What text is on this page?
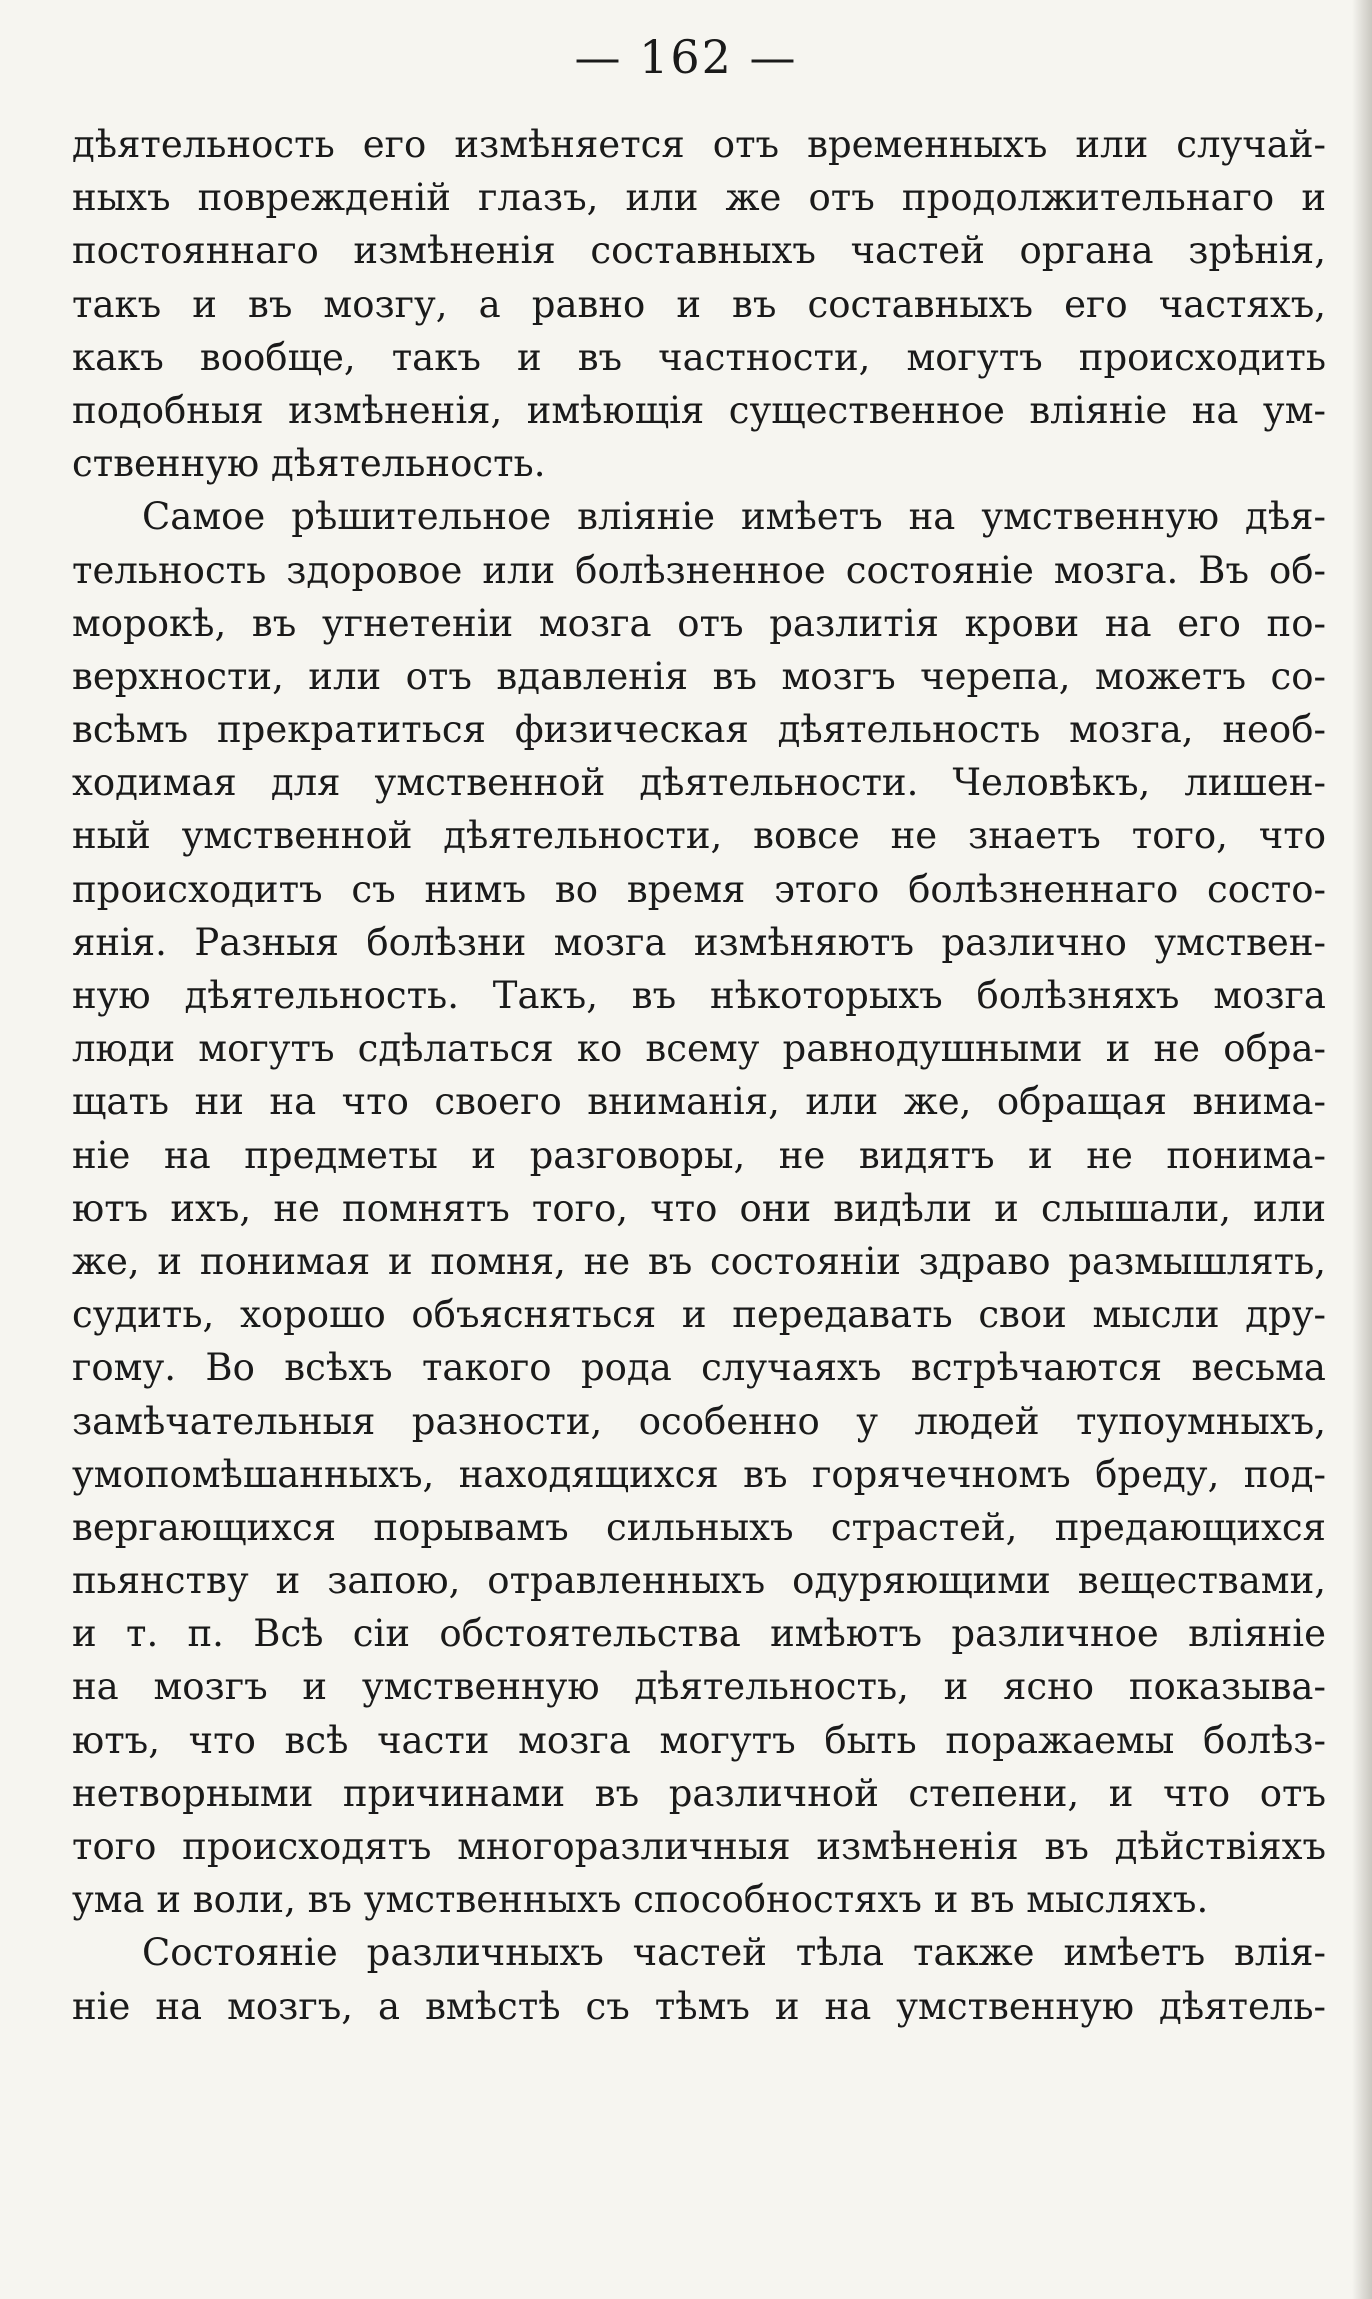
— 162 —
дѣятельность его измѣняется отъ временныхъ или случай-
ныхъ поврежденій глазъ, или же отъ продолжительнаго и
постояннаго измѣненія составныхъ частей органа зрѣнія,
такъ и въ мозгу, а равно и въ составныхъ его частяхъ,
какъ вообще, такъ и въ частности, могутъ происходить
подобныя измѣненія, имѣющія существенное вліяніе на ум-
ственную дѣятельность.
Самое рѣшительное вліяніе имѣетъ на умственную дѣя-
тельность здоровое или болѣзненное состояніе мозга. Въ об-
морокѣ, въ угнетеніи мозга отъ разлитія крови на его по-
верхности, или отъ вдавленія въ мозгъ черепа, можетъ со-
всѣмъ прекратиться физическая дѣятельность мозга, необ-
ходимая для умственной дѣятельности. Человѣкъ, лишен-
ный умственной дѣятельности, вовсе не знаетъ того, что
происходитъ съ нимъ во время этого болѣзненнаго состо-
янія. Разныя болѣзни мозга измѣняютъ различно умствен-
ную дѣятельность. Такъ, въ нѣкоторыхъ болѣзняхъ мозга
люди могутъ сдѣлаться ко всему равнодушными и не обра-
щать ни на что своего вниманія, или же, обращая внима-
ніе на предметы и разговоры, не видятъ и не понима-
ютъ ихъ, не помнятъ того, что они видѣли и слышали, или
же, и понимая и помня, не въ состояніи здраво размышлять,
судить, хорошо объясняться и передавать свои мысли дру-
гому. Во всѣхъ такого рода случаяхъ встрѣчаются весьма
замѣчательныя разности, особенно у людей тупоумныхъ,
умопомѣшанныхъ, находящихся въ горячечномъ бреду, под-
вергающихся порывамъ сильныхъ страстей, предающихся
пьянству и запою, отравленныхъ одуряющими веществами,
и т. п. Всѣ сіи обстоятельства имѣютъ различное вліяніе
на мозгъ и умственную дѣятельность, и ясно показыва-
ютъ, что всѣ части мозга могутъ быть поражаемы болѣз-
нетворными причинами въ различной степени, и что отъ
того происходятъ многоразличныя измѣненія въ дѣйствіяхъ
ума и воли, въ умственныхъ способностяхъ и въ мысляхъ.
Состояніе различныхъ частей тѣла также имѣетъ влія-
ніе на мозгъ, а вмѣстѣ съ тѣмъ и на умственную дѣятель-
